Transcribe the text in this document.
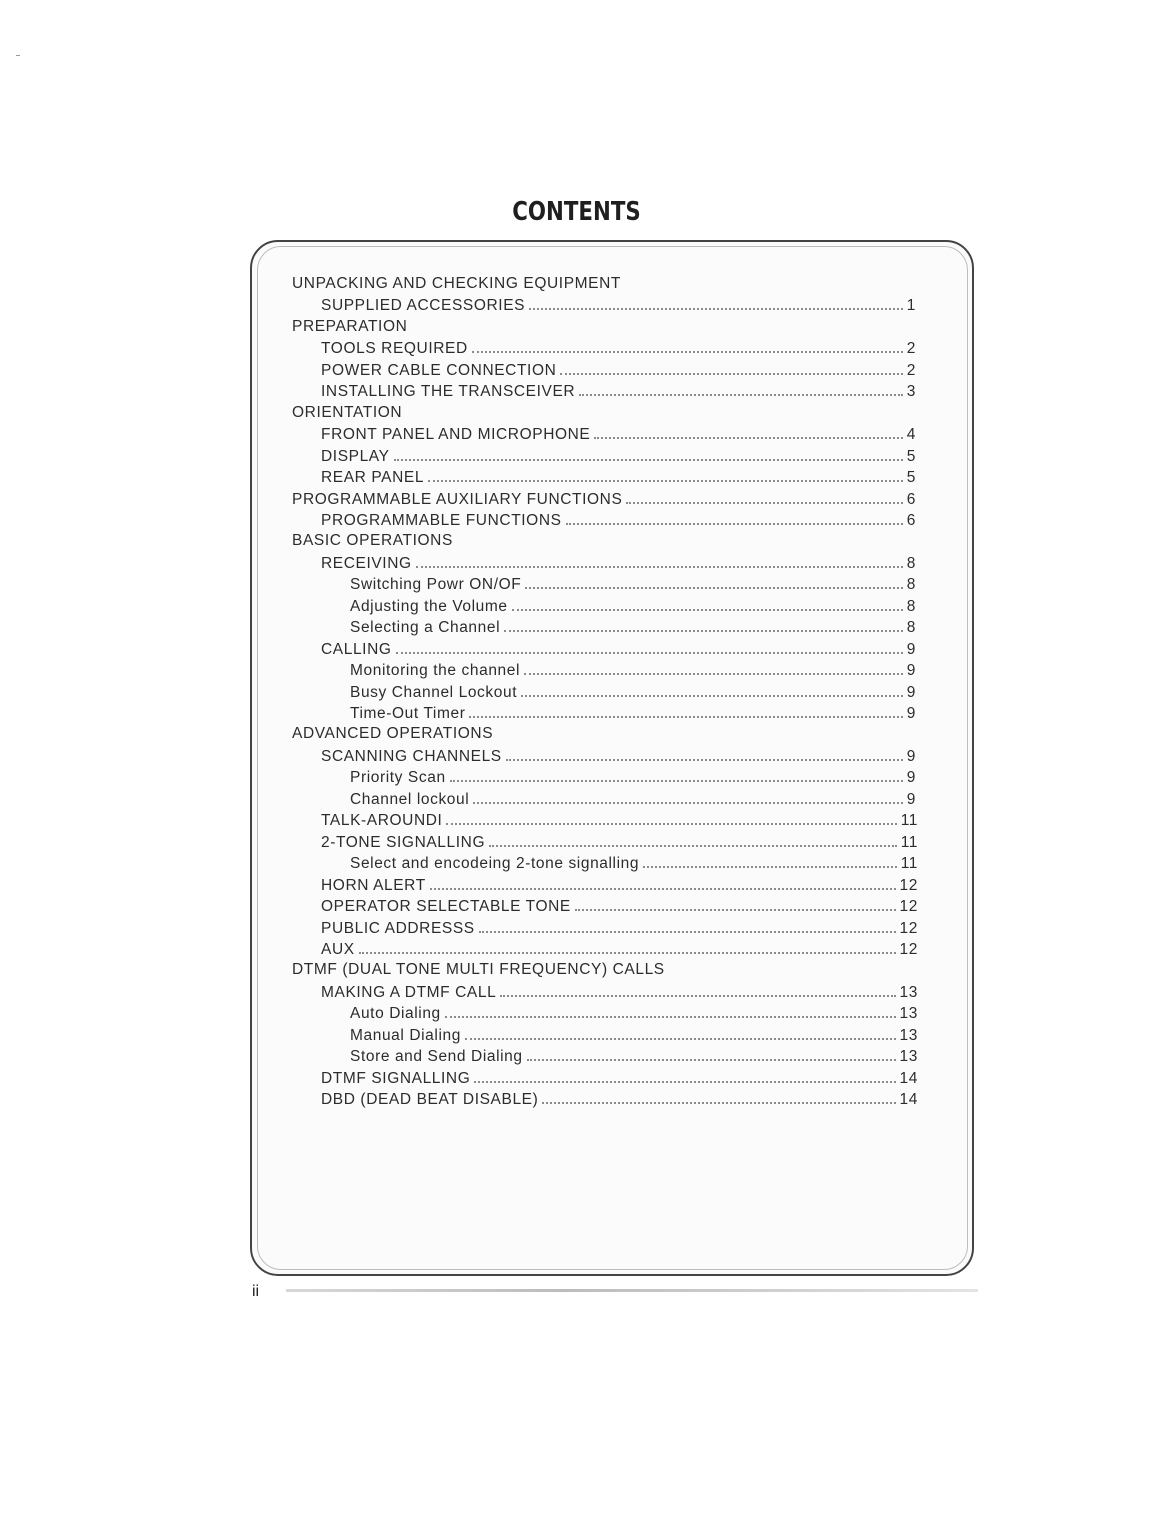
CONTENTS
UNPACKING AND CHECKING EQUIPMENT
SUPPLIED ACCESSORIES	1
PREPARATION
TOOLS REQUIRED	2
POWER CABLE CONNECTION	2
INSTALLING THE TRANSCEIVER	3
ORIENTATION
FRONT PANEL AND MICROPHONE	4
DISPLAY	5
REAR PANEL	5
PROGRAMMABLE AUXILIARY FUNCTIONS	6
PROGRAMMABLE FUNCTIONS	6
BASIC OPERATIONS
RECEIVING	8
Switching Powr ON/OF	8
Adjusting the Volume	8
Selecting a Channel	8
CALLING	9
Monitoring the channel	9
Busy Channel Lockout	9
Time-Out Timer	9
ADVANCED OPERATIONS
SCANNING CHANNELS	9
Priority Scan	9
Channel lockoul	9
TALK-AROUNDI	11
2-TONE SIGNALLING	11
Select and encodeing 2-tone signalling	11
HORN ALERT	12
OPERATOR SELECTABLE TONE	12
PUBLIC ADDRESSS	12
AUX	12
DTMF (DUAL TONE MULTI FREQUENCY) CALLS
MAKING A DTMF CALL	13
Auto Dialing	13
Manual Dialing	13
Store and Send Dialing	13
DTMF SIGNALLING	14
DBD (DEAD BEAT DISABLE)	14
ii
